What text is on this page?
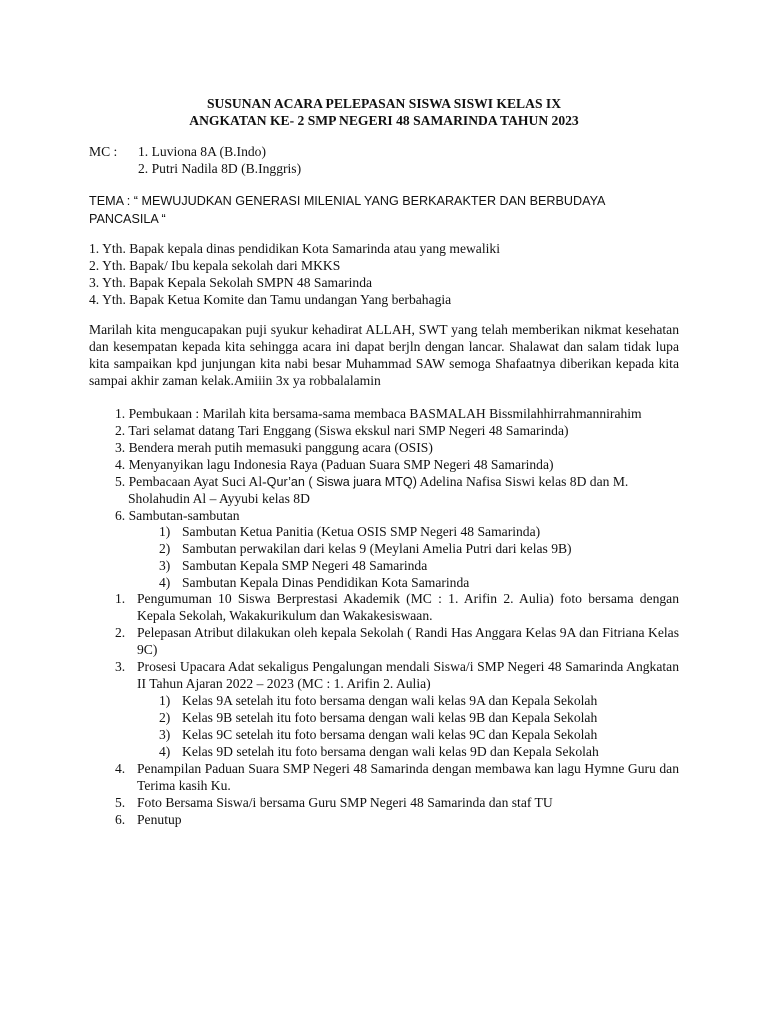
SUSUNAN ACARA PELEPASAN SISWA SISWI KELAS IX
ANGKATAN KE- 2 SMP NEGERI 48 SAMARINDA TAHUN 2023
MC : 1. Luviona 8A (B.Indo)
2. Putri Nadila 8D (B.Inggris)
TEMA : “ MEWUJUDKAN GENERASI MILENIAL YANG BERKARAKTER DAN BERBUDAYA
PANCASILA “
1. Yth. Bapak kepala dinas pendidikan Kota Samarinda atau yang mewaliki
2. Yth. Bapak/ Ibu kepala sekolah dari MKKS
3. Yth. Bapak Kepala Sekolah SMPN 48 Samarinda
4. Yth. Bapak Ketua Komite dan Tamu undangan Yang berbahagia
Marilah kita mengucapakan puji syukur kehadirat ALLAH, SWT yang telah memberikan nikmat kesehatan dan kesempatan kepada kita sehingga acara ini dapat berjln dengan lancar. Shalawat dan salam tidak lupa kita sampaikan kpd junjungan kita nabi besar Muhammad SAW semoga Shafaatnya diberikan kepada kita sampai akhir zaman kelak.Amiiin 3x ya robbalalamin
1. Pembukaan : Marilah kita bersama-sama membaca BASMALAH Bissmilahhirrahmannirahim
2. Tari selamat datang Tari Enggang (Siswa ekskul nari SMP Negeri 48 Samarinda)
3. Bendera merah putih memasuki panggung acara (OSIS)
4. Menyanyikan lagu Indonesia Raya (Paduan Suara SMP Negeri 48 Samarinda)
5. Pembacaan Ayat Suci Al-Qur’an ( Siswa juara MTQ) Adelina Nafisa Siswi kelas 8D dan M.
Sholahudin Al – Ayyubi kelas 8D
6. Sambutan-sambutan
1) Sambutan Ketua Panitia (Ketua OSIS SMP Negeri 48 Samarinda)
2) Sambutan perwakilan dari kelas 9 (Meylani Amelia Putri dari kelas 9B)
3) Sambutan Kepala SMP Negeri 48 Samarinda
4) Sambutan Kepala Dinas Pendidikan Kota Samarinda
1. Pengumuman 10 Siswa Berprestasi Akademik (MC : 1. Arifin 2. Aulia) foto bersama dengan Kepala Sekolah, Wakakurikulum dan Wakakesiswaan.
2. Pelepasan Atribut dilakukan oleh kepala Sekolah ( Randi Has Anggara Kelas 9A dan Fitriana Kelas 9C)
3. Prosesi Upacara Adat sekaligus Pengalungan mendali Siswa/i SMP Negeri 48 Samarinda Angkatan II Tahun Ajaran 2022 – 2023 (MC : 1. Arifin 2. Aulia)
1) Kelas 9A setelah itu foto bersama dengan wali kelas 9A dan Kepala Sekolah
2) Kelas 9B setelah itu foto bersama dengan wali kelas 9B dan Kepala Sekolah
3) Kelas 9C setelah itu foto bersama dengan wali kelas 9C dan Kepala Sekolah
4) Kelas 9D setelah itu foto bersama dengan wali kelas 9D dan Kepala Sekolah
4. Penampilan Paduan Suara SMP Negeri 48 Samarinda dengan membawa kan lagu Hymne Guru dan Terima kasih Ku.
5. Foto Bersama Siswa/i bersama Guru SMP Negeri 48 Samarinda dan staf TU
6. Penutup
